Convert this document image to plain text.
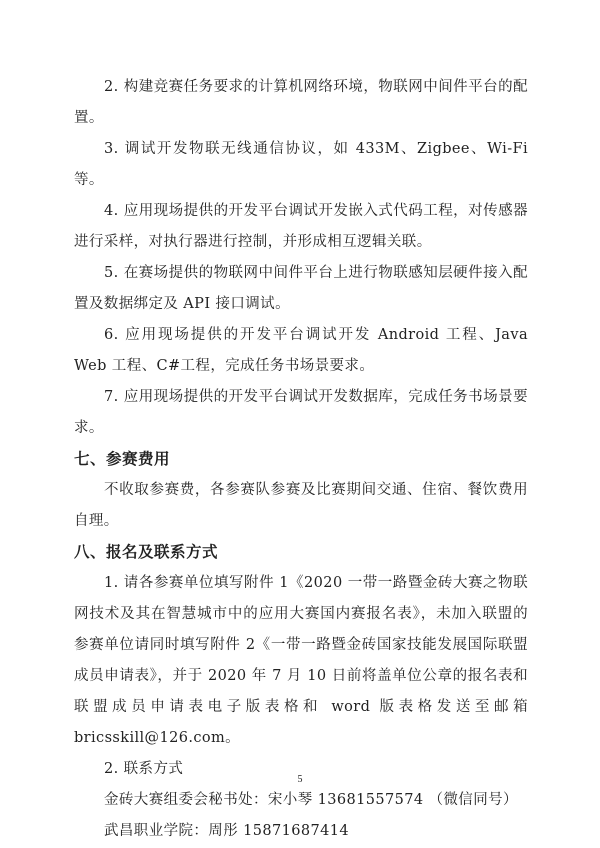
2. 构建竞赛任务要求的计算机网络环境，物联网中间件平台的配置。

3. 调试开发物联无线通信协议，如 433M、Zigbee、Wi-Fi 等。

4. 应用现场提供的开发平台调试开发嵌入式代码工程，对传感器进行采样，对执行器进行控制，并形成相互逻辑关联。

5. 在赛场提供的物联网中间件平台上进行物联感知层硬件接入配置及数据绑定及 API 接口调试。

6. 应用现场提供的开发平台调试开发 Android 工程、Java Web 工程、C#工程，完成任务书场景要求。

7. 应用现场提供的开发平台调试开发数据库，完成任务书场景要求。

七、参赛费用

不收取参赛费，各参赛队参赛及比赛期间交通、住宿、餐饮费用自理。

八、报名及联系方式

1. 请各参赛单位填写附件 1《2020 一带一路暨金砖大赛之物联网技术及其在智慧城市中的应用大赛国内赛报名表》，未加入联盟的参赛单位请同时填写附件 2《一带一路暨金砖国家技能发展国际联盟成员申请表》，并于 2020 年 7 月 10 日前将盖单位公章的报名表和联盟成员申请表电子版表格和 word 版表格发送至邮箱 bricsskill@126.com。

2. 联系方式

金砖大赛组委会秘书处：宋小琴 13681557574 （微信同号）

武昌职业学院：周彤 15871687414

5
